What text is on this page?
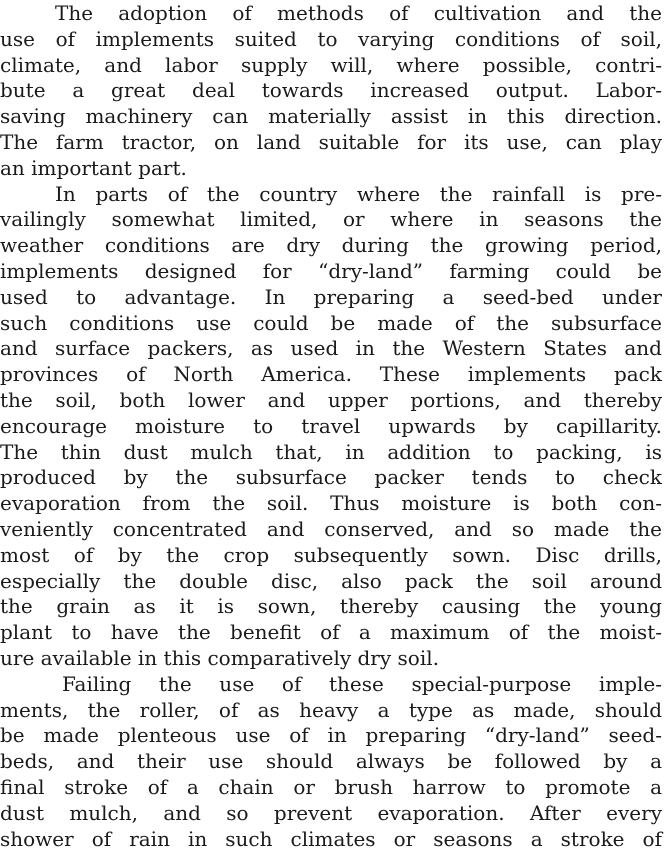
The adoption of methods of cultivation and the
use of implements suited to varying conditions of soil,
climate, and labor supply will, where possible, contri-
bute a great deal towards increased output. Labor-
saving machinery can materially assist in this direction.
The farm tractor, on land suitable for its use, can play
an important part.
In parts of the country where the rainfall is pre-
vailingly somewhat limited, or where in seasons the
weather conditions are dry during the growing period,
implements designed for “dry-land” farming could be
used to advantage. In preparing a seed-bed under
such conditions use could be made of the subsurface
and surface packers, as used in the Western States and
provinces of North America. These implements pack
the soil, both lower and upper portions, and thereby
encourage moisture to travel upwards by capillarity.
The thin dust mulch that, in addition to packing, is
produced by the subsurface packer tends to check
evaporation from the soil. Thus moisture is both con-
veniently concentrated and conserved, and so made the
most of by the crop subsequently sown. Disc drills,
especially the double disc, also pack the soil around
the grain as it is sown, thereby causing the young
plant to have the benefit of a maximum of the moist-
ure available in this comparatively dry soil.
Failing the use of these special-purpose imple-
ments, the roller, of as heavy a type as made, should
be made plenteous use of in preparing “dry-land” seed-
beds, and their use should always be followed by a
final stroke of a chain or brush harrow to promote a
dust mulch, and so prevent evaporation. After every
shower of rain in such climates or seasons a stroke of
